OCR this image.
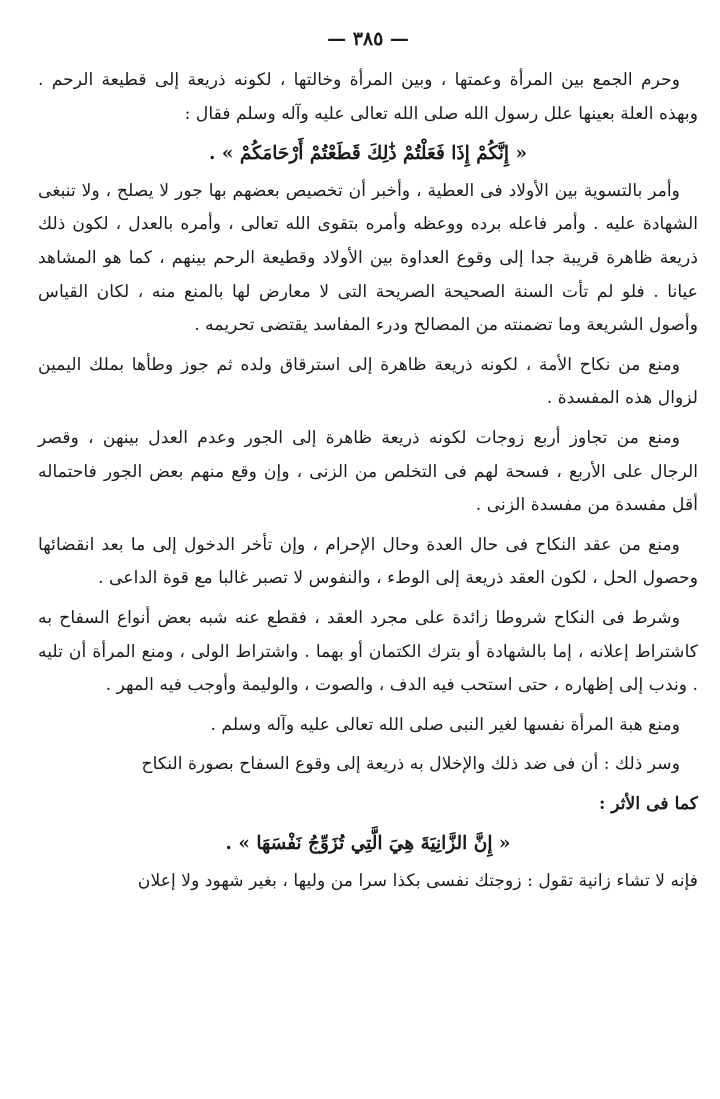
— ٣٨٥ —

وحرم الجمع بين المرأة وعمتها ، وبين المرأة وخالتها ، لكونه ذريعة إلى قطيعة الرحم . وبهذه العلة بعينها علل رسول الله صلى الله تعالى عليه وآله وسلم فقال :

« إِنَّكُمْ إِذَا فَعَلْتُمْ ذَٰلِكَ قَطَعْتُمْ أَرْحَامَكُمْ » .

وأمر بالتسوية بين الأولاد فى العطية ، وأخبر أن تخصيص بعضهم بها جور لا يصلح ، ولا تنبغى الشهادة عليه . وأمر فاعله برده ووعظه وأمره بتقوى الله تعالى ، وأمره بالعدل ، لكون ذلك ذريعة ظاهرة قريبة جدا إلى وقوع العداوة بين الأولاد وقطيعة الرحم بينهم ، كما هو المشاهد عيانا . فلو لم تأت السنة الصحيحة الصريحة التى لا معارض لها بالمنع منه ، لكان القياس وأصول الشريعة وما تضمنته من المصالح ودرء المفاسد يقتضى تحريمه .

ومنع من نكاح الأمة ، لكونه ذريعة ظاهرة إلى استرقاق ولده ثم جوز وطأها بملك اليمين لزوال هذه المفسدة .

ومنع من تجاوز أربع زوجات لكونه ذريعة ظاهرة إلى الجور وعدم العدل بينهن ، وقصر الرجال على الأربع ، فسحة لهم فى التخلص من الزنى ، وإن وقع منهم بعض الجور فاحتماله أقل مفسدة من مفسدة الزنى .

ومنع من عقد النكاح فى حال العدة وحال الإحرام ، وإن تأخر الدخول إلى ما بعد انقضائها وحصول الحل ، لكون العقد ذريعة إلى الوطء ، والنفوس لا تصبر غالبا مع قوة الداعى .

وشرط فى النكاح شروطا زائدة على مجرد العقد ، فقطع عنه شبه بعض أنواع السفاح به كاشتراط إعلانه ، إما بالشهادة أو بترك الكتمان أو بهما . واشتراط الولى ، ومنع المرأة أن تليه . وندب إلى إظهاره ، حتى استحب فيه الدف ، والصوت ، والوليمة وأوجب فيه المهر .

ومنع هبة المرأة نفسها لغير النبى صلى الله تعالى عليه وآله وسلم .

وسر ذلك : أن فى ضد ذلك والإخلال به ذريعة إلى وقوع السفاح بصورة النكاح

كما فى الأثر :

« إِنَّ الزَّانِيَةَ هِيَ الَّتِي تُزَوِّجُ نَفْسَهَا » .

فإنه لا تشاء زانية تقول : زوجتك نفسى بكذا سرا من وليها ، بغير شهود ولا إعلان
